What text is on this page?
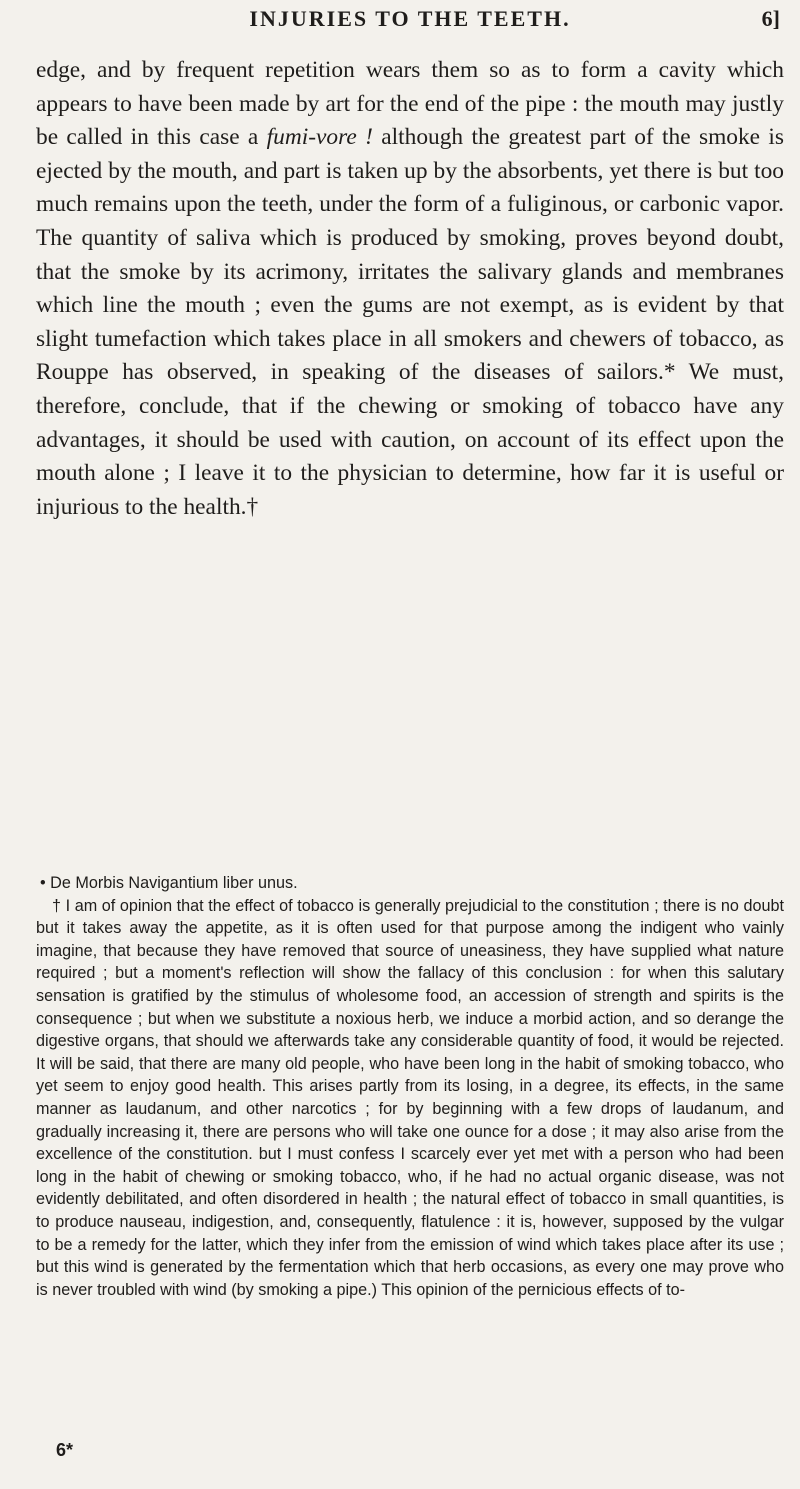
INJURIES TO THE TEETH.	6]

edge, and by frequent repetition wears them so as to form a cavity which appears to have been made by art for the end of the pipe : the mouth may justly be called in this case a fumi-vore ! although the greatest part of the smoke is ejected by the mouth, and part is taken up by the absorbents, yet there is but too much remains upon the teeth, under the form of a fuliginous, or carbonic vapor. The quantity of saliva which is produced by smoking, proves beyond doubt, that the smoke by its acrimony, irritates the salivary glands and membranes which line the mouth ; even the gums are not exempt, as is evident by that slight tumefaction which takes place in all smokers and chewers of tobacco, as Rouppe has observed, in speaking of the diseases of sailors.* We must, therefore, conclude, that if the chewing or smoking of tobacco have any advantages, it should be used with caution, on account of its effect upon the mouth alone ; I leave it to the physician to determine, how far it is useful or injurious to the health.†

• De Morbis Navigantium liber unus.

† I am of opinion that the effect of tobacco is generally prejudicial to the constitution ; there is no doubt but it takes away the appetite, as it is often used for that purpose among the indigent who vainly imagine, that because they have removed that source of uneasiness, they have supplied what nature required ; but a moment's reflection will show the fallacy of this conclusion : for when this salutary sensation is gratified by the stimulus of wholesome food, an accession of strength and spirits is the consequence ; but when we substitute a noxious herb, we induce a morbid action, and so derange the digestive organs, that should we afterwards take any considerable quantity of food, it would be rejected. It will be said, that there are many old people, who have been long in the habit of smoking tobacco, who yet seem to enjoy good health. This arises partly from its losing, in a degree, its effects, in the same manner as laudanum, and other narcotics ; for by beginning with a few drops of laudanum, and gradually increasing it, there are persons who will take one ounce for a dose ; it may also arise from the excellence of the constitution. but I must confess I scarcely ever yet met with a person who had been long in the habit of chewing or smoking tobacco, who, if he had no actual organic disease, was not evidently debilitated, and often disordered in health ; the natural effect of tobacco in small quantities, is to produce nauseau, indigestion, and, consequently, flatulence : it is, however, supposed by the vulgar to be a remedy for the latter, which they infer from the emission of wind which takes place after its use ; but this wind is generated by the fermentation which that herb occasions, as every one may prove who is never troubled with wind (by smoking a pipe.) This opinion of the pernicious effects of to-

6*
